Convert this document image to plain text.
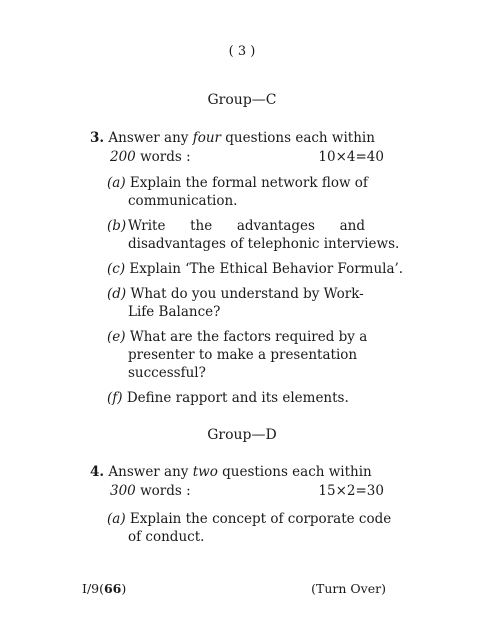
( 3 )
Group—C
3. Answer any four questions each within
200 words :	10×4=40
(a) Explain the formal network flow of
communication.
(b) Write the advantages and
disadvantages of telephonic interviews.
(c) Explain ‘The Ethical Behavior Formula’.
(d) What do you understand by Work-
Life Balance?
(e) What are the factors required by a
presenter to make a presentation
successful?
(f) Define rapport and its elements.
Group—D
4. Answer any two questions each within
300 words :	15×2=30
(a) Explain the concept of corporate code
of conduct.
I/9(66)	(Turn Over)
